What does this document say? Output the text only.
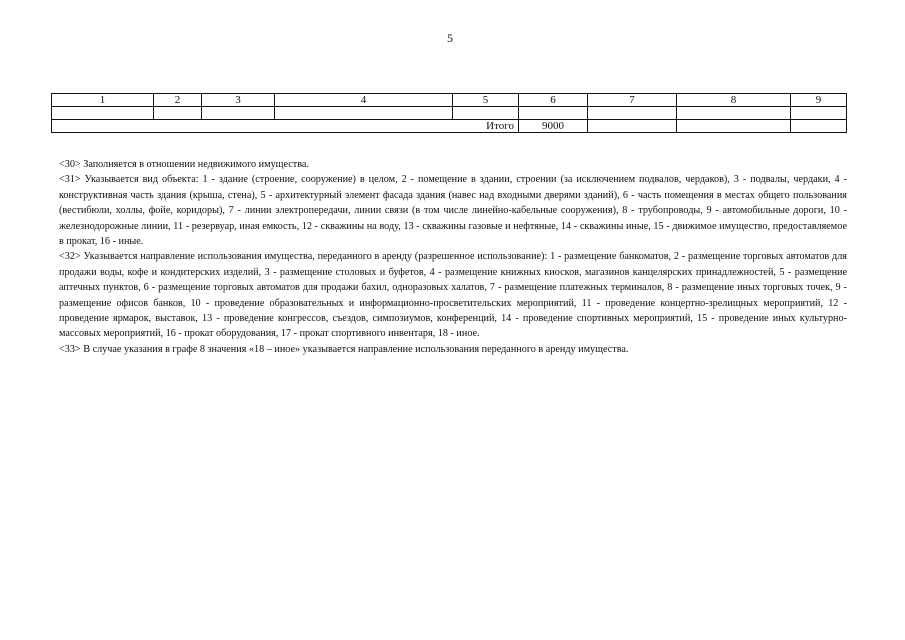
5
1	2	3	4	5	6	7	8	9

Итого					9000			

<30> Заполняется в отношении недвижимого имущества.

<31> Указывается вид объекта: 1 - здание (строение, сооружение) в целом, 2 - помещение в здании, строении (за исключением подвалов, чердаков), 3 - подвалы, чердаки, 4 - конструктивная часть здания (крыша, стена), 5 - архитектурный элемент фасада здания (навес над входными дверями зданий), 6 - часть помещения в местах общего пользования (вестибюли, холлы, фойе, коридоры), 7 - линии электропередачи, линии связи (в том числе линейно-кабельные сооружения), 8 - трубопроводы, 9 - автомобильные дороги, 10 - железнодорожные линии, 11 - резервуар, иная емкость, 12 - скважины на воду, 13 - скважины газовые и нефтяные, 14 - скважины иные, 15 - движимое имущество, предоставляемое в прокат, 16 - иные.

<32> Указывается направление использования имущества, переданного в аренду (разрешенное использование): 1 - размещение банкоматов, 2 - размещение торговых автоматов для продажи воды, кофе и кондитерских изделий, 3 - размещение столовых и буфетов, 4 - размещение книжных киосков, магазинов канцелярских принадлежностей, 5 - размещение аптечных пунктов, 6 - размещение торговых автоматов для продажи бахил, одноразовых халатов, 7 - размещение платежных терминалов, 8 - размещение иных торговых точек, 9 - размещение офисов банков, 10 - проведение образовательных и информационно-просветительских мероприятий, 11 - проведение концертно-зрелищных мероприятий, 12 - проведение ярмарок, выставок, 13 - проведение конгрессов, съездов, симпозиумов, конференций, 14 - проведение спортивных мероприятий, 15 - проведение иных культурно-массовых мероприятий, 16 - прокат оборудования, 17 - прокат спортивного инвентаря, 18 - иное.

<33> В случае указания в графе 8 значения «18 – иное» указывается направление использования переданного в аренду имущества.
